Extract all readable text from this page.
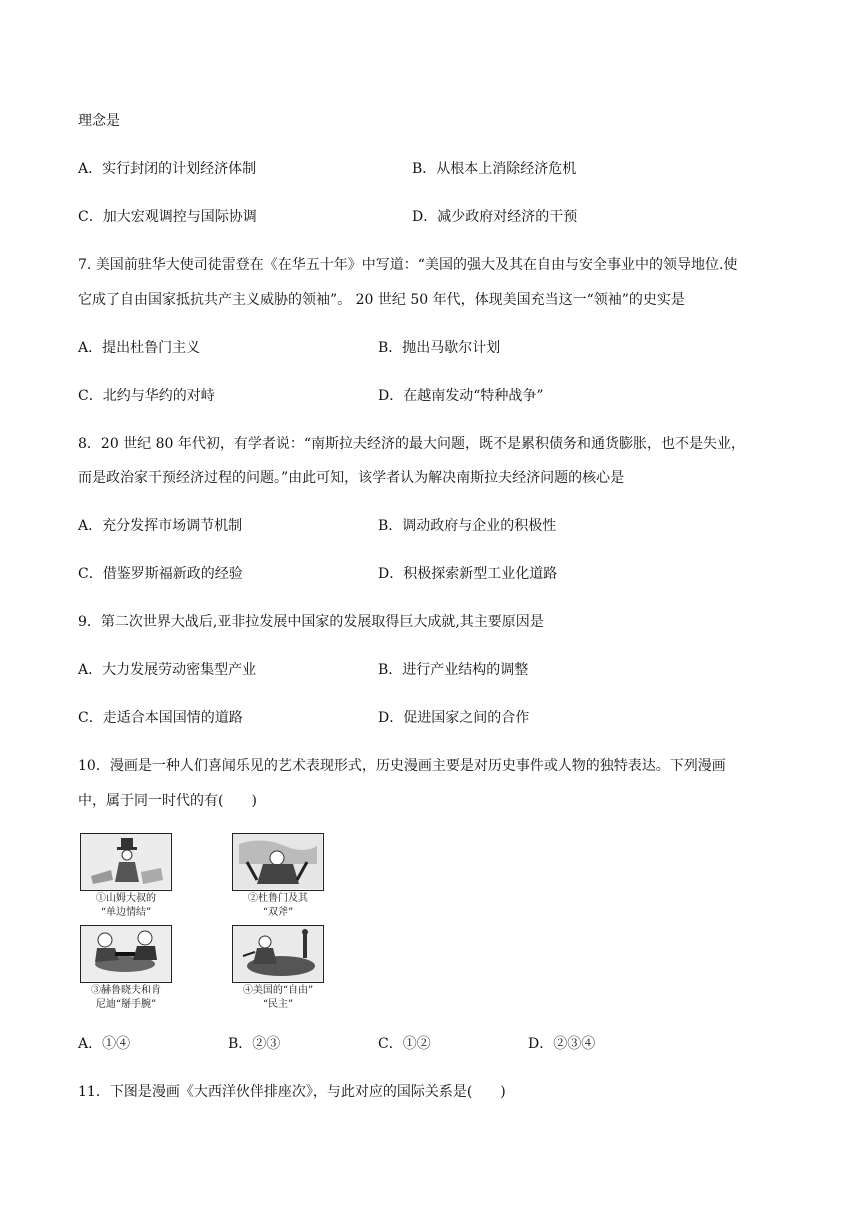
理念是
A．实行封闭的计划经济体制	B．从根本上消除经济危机
C．加大宏观调控与国际协调	D．减少政府对经济的干预
7. 美国前驻华大使司徒雷登在《在华五十年》中写道：“美国的强大及其在自由与安全事业中的领导地位.使
它成了自由国家抵抗共产主义威胁的领袖”。 20 世纪 50 年代，体现美国充当这一“领袖”的史实是
A．提出杜鲁门主义	B．抛出马歇尔计划
C．北约与华约的对峙	D．在越南发动“特种战争”
8．20 世纪 80 年代初，有学者说：“南斯拉夫经济的最大问题，既不是累积债务和通货膨胀，也不是失业，
而是政治家干预经济过程的问题。”由此可知，该学者认为解决南斯拉夫经济问题的核心是
A．充分发挥市场调节机制	B．调动政府与企业的积极性
C．借鉴罗斯福新政的经验	D．积极探索新型工业化道路
9．第二次世界大战后,亚非拉发展中国家的发展取得巨大成就,其主要原因是
A．大力发展劳动密集型产业	B．进行产业结构的调整
C．走适合本国国情的道路	D．促进国家之间的合作
10．漫画是一种人们喜闻乐见的艺术表现形式，历史漫画主要是对历史事件或人物的独特表达。下列漫画
中，属于同一时代的有(　　)
①山姆大叔的
“单边情结”
②杜鲁门及其
“双斧”
③赫鲁晓夫和肯
尼迪“掰手腕”
④美国的“自由”
“民主”
A．①④	B．②③	C．①②	D．②③④
11．下图是漫画《大西洋伙伴排座次》，与此对应的国际关系是(　　)
